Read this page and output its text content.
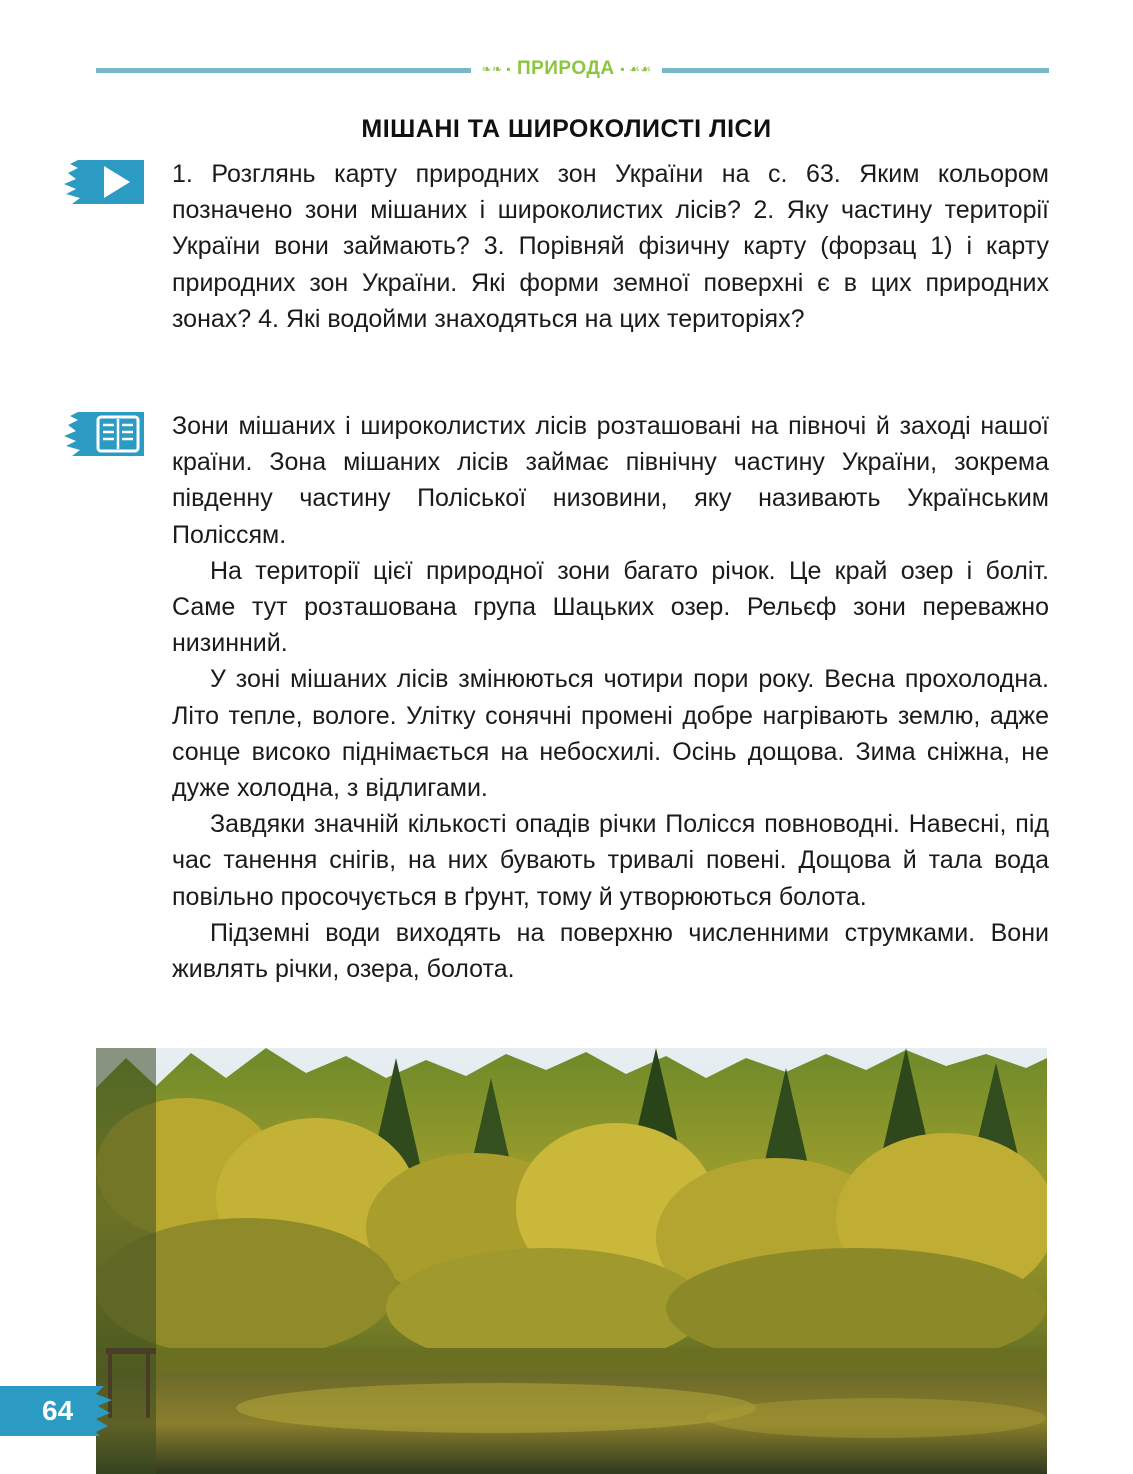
❧❧ ▪ ПРИРОДА ▪ ☙☙
МІШАНІ ТА ШИРОКОЛИСТІ ЛІСИ

1. Розглянь карту природних зон України на с. 63. Яким кольором позначено зони мішаних і широколистих лісів? 2. Яку частину території України вони займають? 3. Порівняй фізичну карту (форзац 1) і карту природних зон України. Які форми земної поверхні є в цих природних зонах? 4. Які водойми знаходяться на цих територіях?

Зони мішаних і широколистих лісів розташовані на півночі й заході нашої країни. Зона мішаних лісів займає північну частину України, зокрема південну частину Поліської низовини, яку називають Українським Поліссям.

На території цієї природної зони багато річок. Це край озер і боліт. Саме тут розташована група Шацьких озер. Рельєф зони переважно низинний.

У зоні мішаних лісів змінюються чотири пори року. Весна прохолодна. Літо тепле, вологе. Улітку сонячні промені добре нагрівають землю, адже сонце високо піднімається на небосхилі. Осінь дощова. Зима сніжна, не дуже холодна, з відлигами.

Завдяки значній кількості опадів річки Полісся повноводні. Навесні, під час танення снігів, на них бувають тривалі повені. Дощова й тала вода повільно просочується в ґрунт, тому й утворюються болота.

Підземні води виходять на поверхню численними струмками. Вони живлять річки, озера, болота.

64
